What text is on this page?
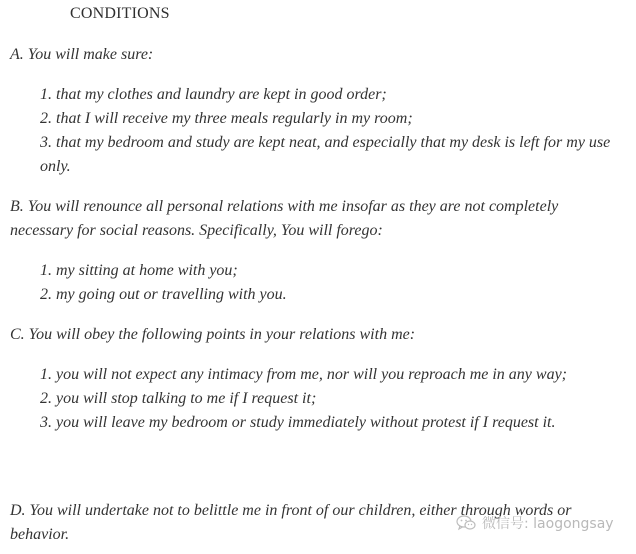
CONDITIONS
A. You will make sure:
1. that my clothes and laundry are kept in good order;
2. that I will receive my three meals regularly in my room;
3. that my bedroom and study are kept neat, and especially that my desk is left for my use only.
B. You will renounce all personal relations with me insofar as they are not completely necessary for social reasons. Specifically, You will forego:
1. my sitting at home with you;
2. my going out or travelling with you.
C. You will obey the following points in your relations with me:
1. you will not expect any intimacy from me, nor will you reproach me in any way;
2. you will stop talking to me if I request it;
3. you will leave my bedroom or study immediately without protest if I request it.
D. You will undertake not to belittle me in front of our children, either through words or behavior.
微信号: laogongsay
